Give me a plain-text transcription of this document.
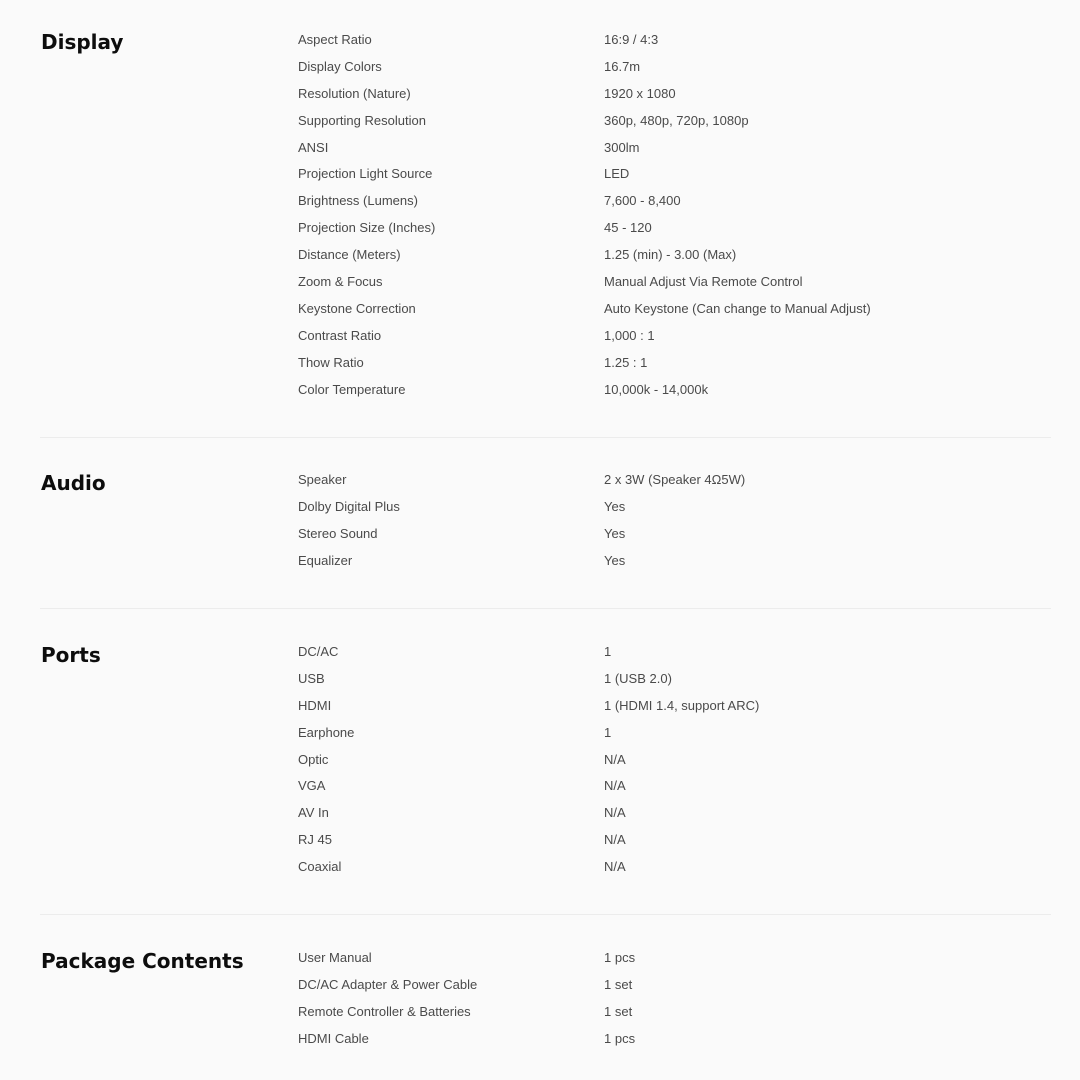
Display	Aspect Ratio	16:9 / 4:3
Display Colors	16.7m
Resolution (Nature)	1920 x 1080
Supporting Resolution	360p, 480p, 720p, 1080p
ANSI	300lm
Projection Light Source	LED
Brightness (Lumens)	7,600 - 8,400
Projection Size (Inches)	45 - 120
Distance (Meters)	1.25 (min) - 3.00 (Max)
Zoom & Focus	Manual Adjust Via Remote Control
Keystone Correction	Auto Keystone (Can change to Manual Adjust)
Contrast Ratio	1,000 : 1
Thow Ratio	1.25 : 1
Color Temperature	10,000k - 14,000k
Audio	Speaker	2 x 3W (Speaker 4Ω5W)
Dolby Digital Plus	Yes
Stereo Sound	Yes
Equalizer	Yes
Ports	DC/AC	1
USB	1 (USB 2.0)
HDMI	1 (HDMI 1.4, support ARC)
Earphone	1
Optic	N/A
VGA	N/A
AV In	N/A
RJ 45	N/A
Coaxial	N/A
Package Contents	User Manual	1 pcs
DC/AC Adapter & Power Cable	1 set
Remote Controller & Batteries	1 set
HDMI Cable	1 pcs
